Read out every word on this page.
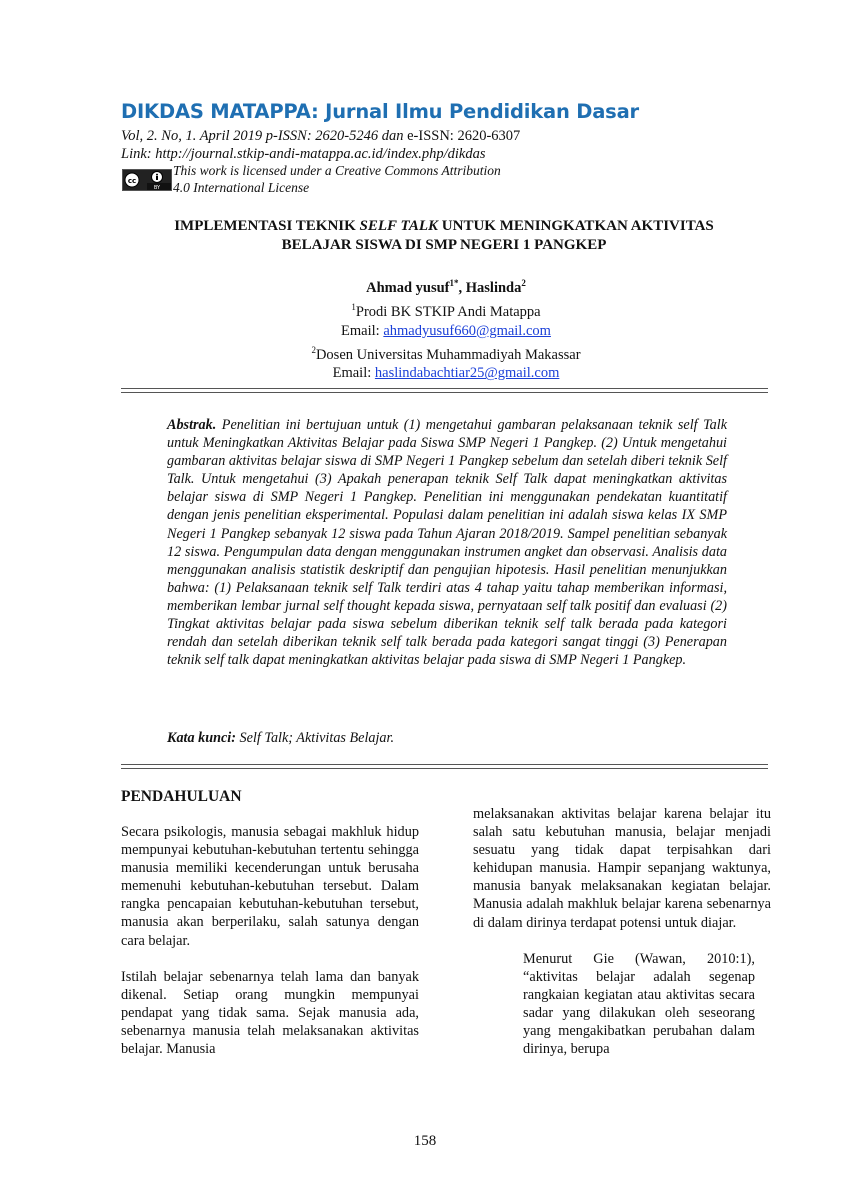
DIKDAS MATAPPA: Jurnal Ilmu Pendidikan Dasar
Vol, 2. No, 1. April 2019 p-ISSN: 2620-5246 dan e-ISSN: 2620-6307
Link: http://journal.stkip-andi-matappa.ac.id/index.php/dikdas
cc
BY
This work is licensed under a Creative Commons Attribution
4.0 International License
IMPLEMENTASI TEKNIK SELF TALK UNTUK MENINGKATKAN AKTIVITAS
BELAJAR SISWA DI SMP NEGERI 1 PANGKEP
Ahmad yusuf$^{1*}$, Haslinda$^2$
$^1$Prodi BK STKIP Andi Matappa
Email: ahmadyusuf660@gmail.com
$^2$Dosen Universitas Muhammadiyah Makassar
Email: haslindabachtiar25@gmail.com
Abstrak. Penelitian ini bertujuan untuk (1) mengetahui gambaran pelaksanaan teknik self Talk untuk Meningkatkan Aktivitas Belajar pada Siswa SMP Negeri 1 Pangkep. (2) Untuk mengetahui gambaran aktivitas belajar siswa di SMP Negeri 1 Pangkep sebelum dan setelah diberi teknik Self Talk. Untuk mengetahui (3) Apakah penerapan teknik Self Talk dapat meningkatkan aktivitas belajar siswa di SMP Negeri 1 Pangkep. Penelitian ini menggunakan pendekatan kuantitatif dengan jenis penelitian eksperimental. Populasi dalam penelitian ini adalah siswa kelas IX SMP Negeri 1 Pangkep sebanyak 12 siswa pada Tahun Ajaran 2018/2019. Sampel penelitian sebanyak 12 siswa. Pengumpulan data dengan menggunakan instrumen angket dan observasi. Analisis data menggunakan analisis statistik deskriptif dan pengujian hipotesis. Hasil penelitian menunjukkan bahwa: (1) Pelaksanaan teknik self Talk terdiri atas 4 tahap yaitu tahap memberikan informasi, memberikan lembar jurnal self thought kepada siswa, pernyataan self talk positif dan evaluasi (2) Tingkat aktivitas belajar pada siswa sebelum diberikan teknik self talk berada pada kategori rendah dan setelah diberikan teknik self talk berada pada kategori sangat tinggi (3) Penerapan teknik self talk dapat meningkatkan aktivitas belajar pada siswa di SMP Negeri 1 Pangkep.
Kata kunci: Self Talk; Aktivitas Belajar.
PENDAHULUAN

Secara psikologis, manusia sebagai makhluk hidup mempunyai kebutuhan-kebutuhan tertentu sehingga manusia memiliki kecenderungan untuk berusaha memenuhi kebutuhan-kebutuhan tersebut. Dalam rangka pencapaian kebutuhan-kebutuhan tersebut, manusia akan berperilaku, salah satunya dengan cara belajar.

Istilah belajar sebenarnya telah lama dan banyak dikenal. Setiap orang mungkin mempunyai pendapat yang tidak sama. Sejak manusia ada, sebenarnya manusia telah melaksanakan aktivitas belajar. Manusia

melaksanakan aktivitas belajar karena belajar itu salah satu kebutuhan manusia, belajar menjadi sesuatu yang tidak dapat terpisahkan dari kehidupan manusia. Hampir sepanjang waktunya, manusia banyak melaksanakan kegiatan belajar. Manusia adalah makhluk belajar karena sebenarnya di dalam dirinya terdapat potensi untuk diajar.

Menurut Gie (Wawan, 2010:1), “aktivitas belajar adalah segenap rangkaian kegiatan atau aktivitas secara sadar yang dilakukan oleh seseorang yang mengakibatkan perubahan dalam dirinya, berupa

158
